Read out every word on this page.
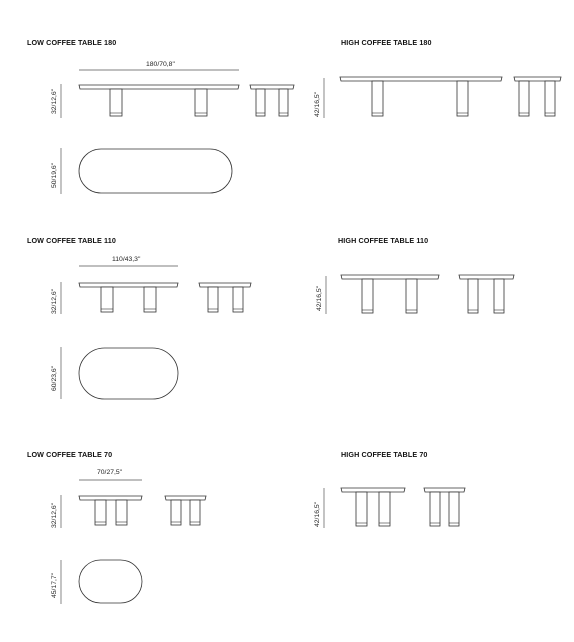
LOW COFFEE TABLE 180	HIGH COFFEE TABLE 180
LOW COFFEE TABLE 110	HIGH COFFEE TABLE 110
LOW COFFEE TABLE 70	HIGH COFFEE TABLE 70
180/70,8"
110/43,3"
70/27,5"
32/12,6"
50/19,6"
42/16,5"
32/12,6"
60/23,6"
42/16,5"
32/12,6"
45/17,7"
42/16,5"
